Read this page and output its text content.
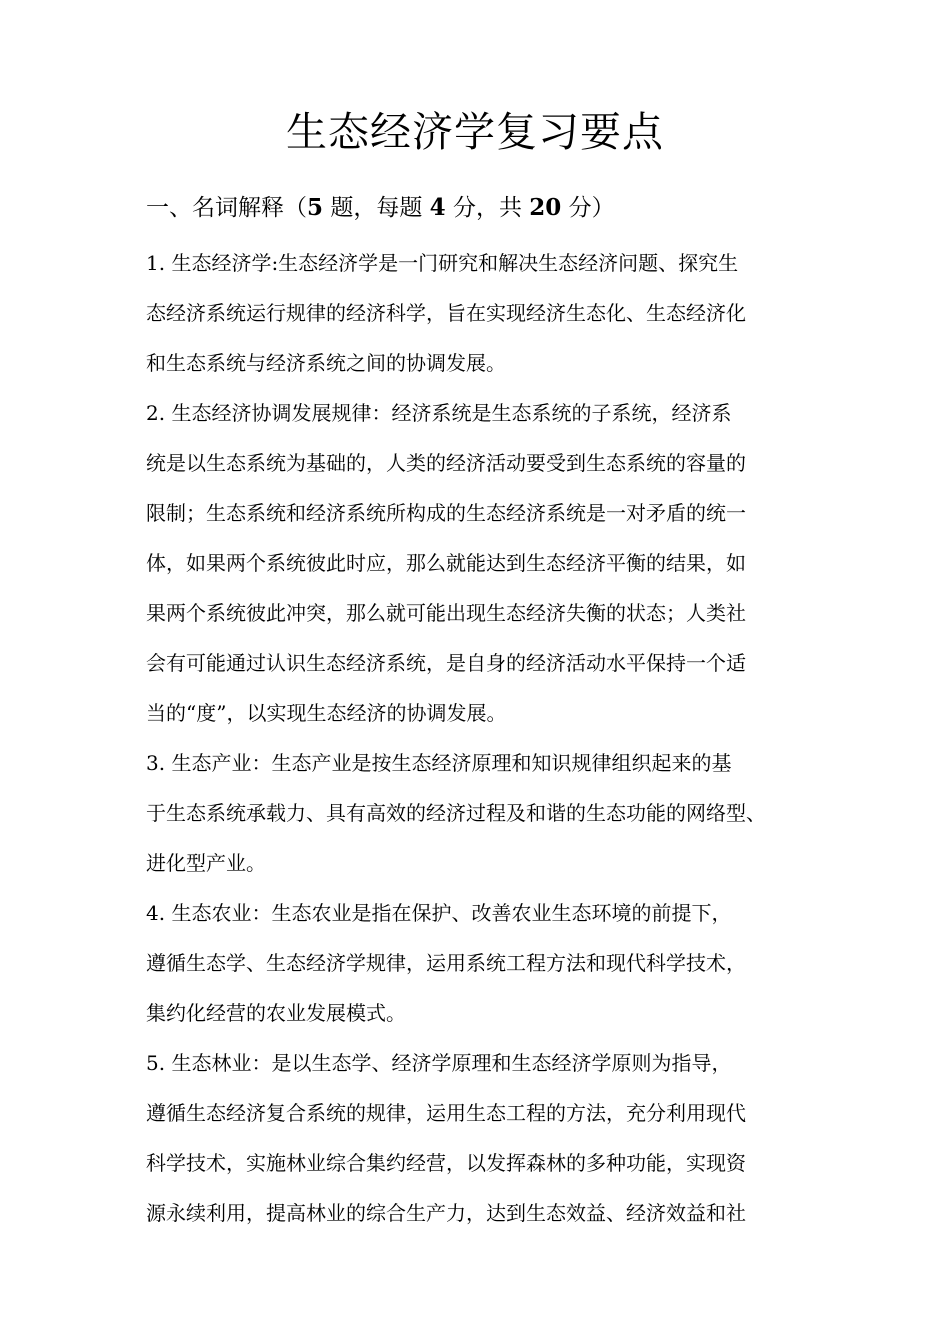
生态经济学复习要点
一、名词解释（5 题，每题 4 分，共 20 分）
1. 生态经济学:生态经济学是一门研究和解决生态经济问题、探究生
态经济系统运行规律的经济科学，旨在实现经济生态化、生态经济化
和生态系统与经济系统之间的协调发展。
2. 生态经济协调发展规律：经济系统是生态系统的子系统，经济系
统是以生态系统为基础的，人类的经济活动要受到生态系统的容量的
限制；生态系统和经济系统所构成的生态经济系统是一对矛盾的统一
体，如果两个系统彼此时应，那么就能达到生态经济平衡的结果，如
果两个系统彼此冲突，那么就可能出现生态经济失衡的状态；人类社
会有可能通过认识生态经济系统，是自身的经济活动水平保持一个适
当的“度”，以实现生态经济的协调发展。
3. 生态产业：生态产业是按生态经济原理和知识规律组织起来的基
于生态系统承载力、具有高效的经济过程及和谐的生态功能的网络型、
进化型产业。
4. 生态农业：生态农业是指在保护、改善农业生态环境的前提下，
遵循生态学、生态经济学规律，运用系统工程方法和现代科学技术，
集约化经营的农业发展模式。
5. 生态林业：是以生态学、经济学原理和生态经济学原则为指导，
遵循生态经济复合系统的规律，运用生态工程的方法，充分利用现代
科学技术，实施林业综合集约经营，以发挥森林的多种功能，实现资
源永续利用，提高林业的综合生产力，达到生态效益、经济效益和社
